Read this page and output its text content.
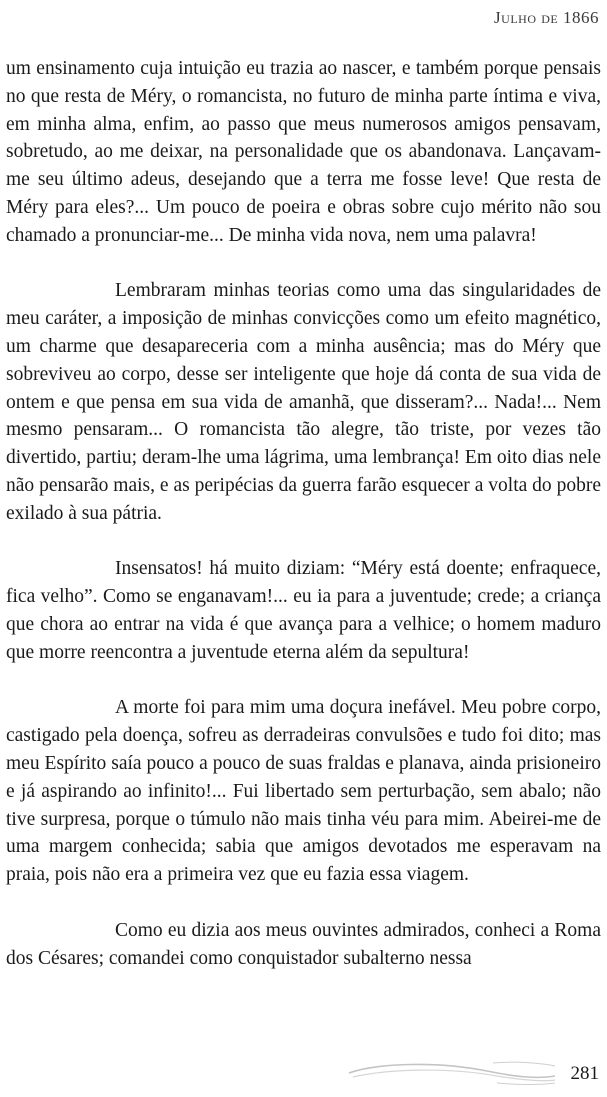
Julho de 1866

um ensinamento cuja intuição eu trazia ao nascer, e também porque pensais no que resta de Méry, o romancista, no futuro de minha parte íntima e viva, em minha alma, enfim, ao passo que meus numerosos amigos pensavam, sobretudo, ao me deixar, na personalidade que os abandonava. Lançavam-me seu último adeus, desejando que a terra me fosse leve! Que resta de Méry para eles?... Um pouco de poeira e obras sobre cujo mérito não sou chamado a pronunciar-me... De minha vida nova, nem uma palavra!

Lembraram minhas teorias como uma das singularidades de meu caráter, a imposição de minhas convicções como um efeito magnético, um charme que desapareceria com a minha ausência; mas do Méry que sobreviveu ao corpo, desse ser inteligente que hoje dá conta de sua vida de ontem e que pensa em sua vida de amanhã, que disseram?... Nada!... Nem mesmo pensaram... O romancista tão alegre, tão triste, por vezes tão divertido, partiu; deram-lhe uma lágrima, uma lembrança! Em oito dias nele não pensarão mais, e as peripécias da guerra farão esquecer a volta do pobre exilado à sua pátria.

Insensatos! há muito diziam: “Méry está doente; enfraquece, fica velho”. Como se enganavam!... eu ia para a juventude; crede; a criança que chora ao entrar na vida é que avança para a velhice; o homem maduro que morre reencontra a juventude eterna além da sepultura!

A morte foi para mim uma doçura inefável. Meu pobre corpo, castigado pela doença, sofreu as derradeiras convulsões e tudo foi dito; mas meu Espírito saía pouco a pouco de suas fraldas e planava, ainda prisioneiro e já aspirando ao infinito!... Fui libertado sem perturbação, sem abalo; não tive surpresa, porque o túmulo não mais tinha véu para mim. Abeirei-me de uma margem conhecida; sabia que amigos devotados me esperavam na praia, pois não era a primeira vez que eu fazia essa viagem.

Como eu dizia aos meus ouvintes admirados, conheci a Roma dos Césares; comandei como conquistador subalterno nessa

281
